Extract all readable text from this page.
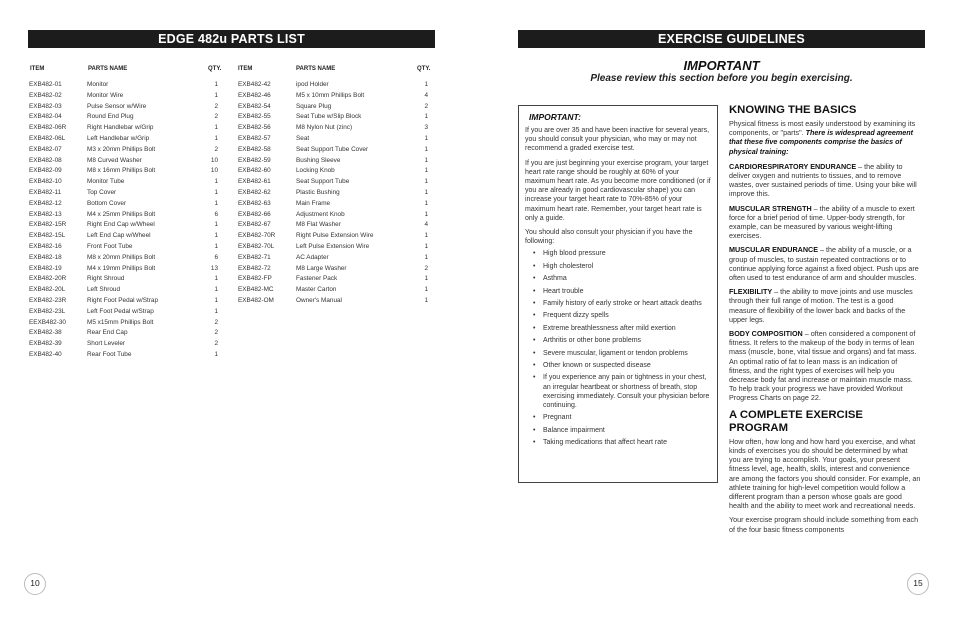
EDGE 482u PARTS LIST
ITEM	PARTS NAME	QTY.	ITEM	PARTS NAME	QTY.
EXB482-01	Monitor	1
EXB482-02	Monitor Wire	1
EXB482-03	Pulse Sensor w/Wire	2
EXB482-04	Round End Plug	2
EXB482-06R	Right Handlebar w/Grip	1
EXB482-06L	Left Handlebar w/Grip	1
EXB482-07	M3 x 20mm Phillips Bolt	2
EXB482-08	M8 Curved Washer	10
EXB482-09	M8 x 16mm Phillips Bolt	10
EXB482-10	Monitor Tube	1
EXB482-11	Top Cover	1
EXB482-12	Bottom Cover	1
EXB482-13	M4 x 25mm Phillips Bolt	6
EXB482-15R	Right End Cap w/Wheel	1
EXB482-15L	Left End Cap w/Wheel	1
EXB482-16	Front Foot Tube	1
EXB482-18	M8 x 20mm Phillips Bolt	6
EXB482-19	M4 x 19mm Phillips Bolt	13
EXB482-20R	Right Shroud	1
EXB482-20L	Left Shroud	1
EXB482-23R	Right Foot Pedal w/Strap	1
EXB482-23L	Left Foot Pedal w/Strap	1
EEXB482-30	M5 x15mm Phillips Bolt	2
EXB482-38	Rear End Cap	2
EXB482-39	Short Leveler	2
EXB482-40	Rear Foot Tube	1
EXB482-42	ipod Holder	1
EXB482-46	M5 x 10mm Phillips Bolt	4
EXB482-54	Square Plug	2
EXB482-55	Seat Tube w/Slip Block	1
EXB482-56	M8 Nylon Nut (zinc)	3
EXB482-57	Seat	1
EXB482-58	Seat Support Tube Cover	1
EXB482-59	Bushing Sleeve	1
EXB482-60	Locking Knob	1
EXB482-61	Seat Support Tube	1
EXB482-62	Plastic Bushing	1
EXB482-63	Main Frame	1
EXB482-66	Adjustment Knob	1
EXB482-67	M8 Flat Washer	4
EXB482-70R	Right Pulse Extension Wire	1
EXB482-70L	Left Pulse Extension Wire	1
EXB482-71	AC Adapter	1
EXB482-72	M8 Large Washer	2
EXB482-FP	Fastener Pack	1
EXB482-MC	Master Carton	1
EXB482-OM	Owner's Manual	1
10
EXERCISE GUIDELINES
IMPORTANT
Please review this section before you begin exercising.
IMPORTANT:

If you are over 35 and have been inactive for several years, you should consult your physician, who may or may not recommend a graded exercise test.

If you are just beginning your exercise program, your target heart rate range should be roughly at 60% of your maximum heart rate. As you become more conditioned (or if you are already in good cardiovascular shape) you can increase your target heart rate to 70%-85% of your maximum heart rate. Remember, your target heart rate is only a guide.

You should also consult your physician if you have the following:

• High blood pressure
• High cholesterol
• Asthma
• Heart trouble
• Family history of early stroke or heart attack deaths
• Frequent dizzy spells
• Extreme breathlessness after mild exertion
• Arthritis or other bone problems
• Severe muscular, ligament or tendon problems
• Other known or suspected disease
• If you experience any pain or tightness in your chest, an irregular heartbeat or shortness of breath, stop exercising immediately. Consult your physician before continuing.
• Pregnant
• Balance impairment
• Taking medications that affect heart rate

KNOWING THE BASICS

Physical fitness is most easily understood by examining its components, or "parts". There is widespread agreement that these five components comprise the basics of physical training:

CARDIORESPIRATORY ENDURANCE – the ability to deliver oxygen and nutrients to tissues, and to remove wastes, over sustained periods of time. Using your bike will improve this.

MUSCULAR STRENGTH – the ability of a muscle to exert force for a brief period of time. Upper-body strength, for example, can be measured by various weight-lifting exercises.

MUSCULAR ENDURANCE – the ability of a muscle, or a group of muscles, to sustain repeated contractions or to continue applying force against a fixed object. Push ups are often used to test endurance of arm and shoulder muscles.

FLEXIBILITY – the ability to move joints and use muscles through their full range of motion. The test is a good measure of flexibility of the lower back and backs of the upper legs.

BODY COMPOSITION – often considered a component of fitness. It refers to the makeup of the body in terms of lean mass (muscle, bone, vital tissue and organs) and fat mass. An optimal ratio of fat to lean mass is an indication of fitness, and the right types of exercises will help you decrease body fat and increase or maintain muscle mass. To help track your progress we have provided Workout Progress Charts on page 22.

A COMPLETE EXERCISE PROGRAM

How often, how long and how hard you exercise, and what kinds of exercises you do should be determined by what you are trying to accomplish. Your goals, your present fitness level, age, health, skills, interest and convenience are among the factors you should consider. For example, an athlete training for high-level competition would follow a different program than a person whose goals are good health and the ability to meet work and recreational needs.

Your exercise program should include something from each of the four basic fitness components

15
